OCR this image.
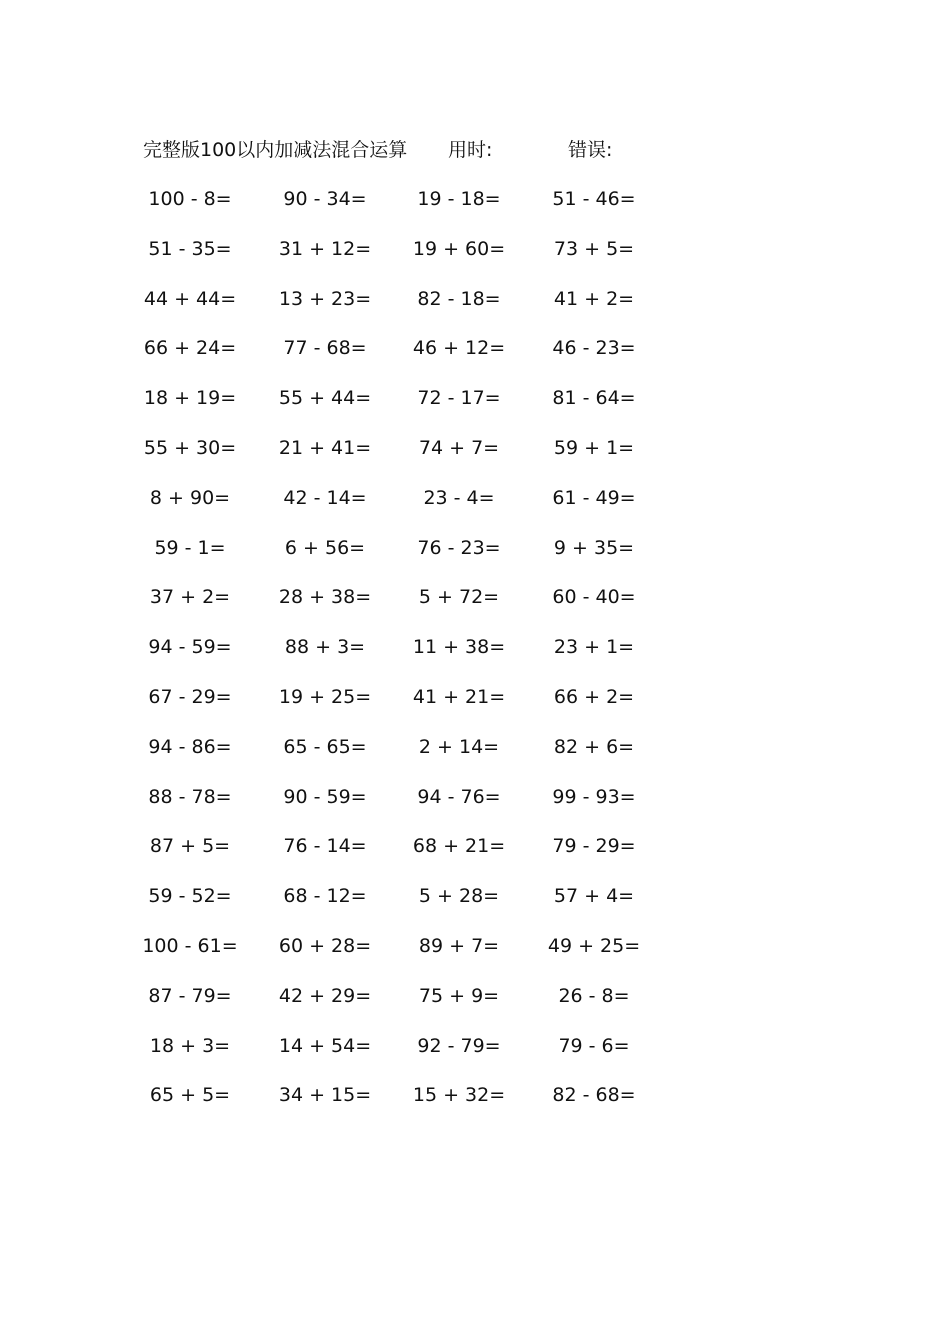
完整版100以内加减法混合运算 用时:	错误:
100 - 8=	90 - 34=	19 - 18=	51 - 46=
51 - 35=	31 + 12=	19 + 60=	73 + 5=
44 + 44=	13 + 23=	82 - 18=	41 + 2=
66 + 24=	77 - 68=	46 + 12=	46 - 23=
18 + 19=	55 + 44=	72 - 17=	81 - 64=
55 + 30=	21 + 41=	74 + 7=	59 + 1=
8 + 90=	42 - 14=	23 - 4=	61 - 49=
59 - 1=	6 + 56=	76 - 23=	9 + 35=
37 + 2=	28 + 38=	5 + 72=	60 - 40=
94 - 59=	88 + 3=	11 + 38=	23 + 1=
67 - 29=	19 + 25=	41 + 21=	66 + 2=
94 - 86=	65 - 65=	2 + 14=	82 + 6=
88 - 78=	90 - 59=	94 - 76=	99 - 93=
87 + 5=	76 - 14=	68 + 21=	79 - 29=
59 - 52=	68 - 12=	5 + 28=	57 + 4=
100 - 61=	60 + 28=	89 + 7=	49 + 25=
87 - 79=	42 + 29=	75 + 9=	26 - 8=
18 + 3=	14 + 54=	92 - 79=	79 - 6=
65 + 5=	34 + 15=	15 + 32=	82 - 68=
